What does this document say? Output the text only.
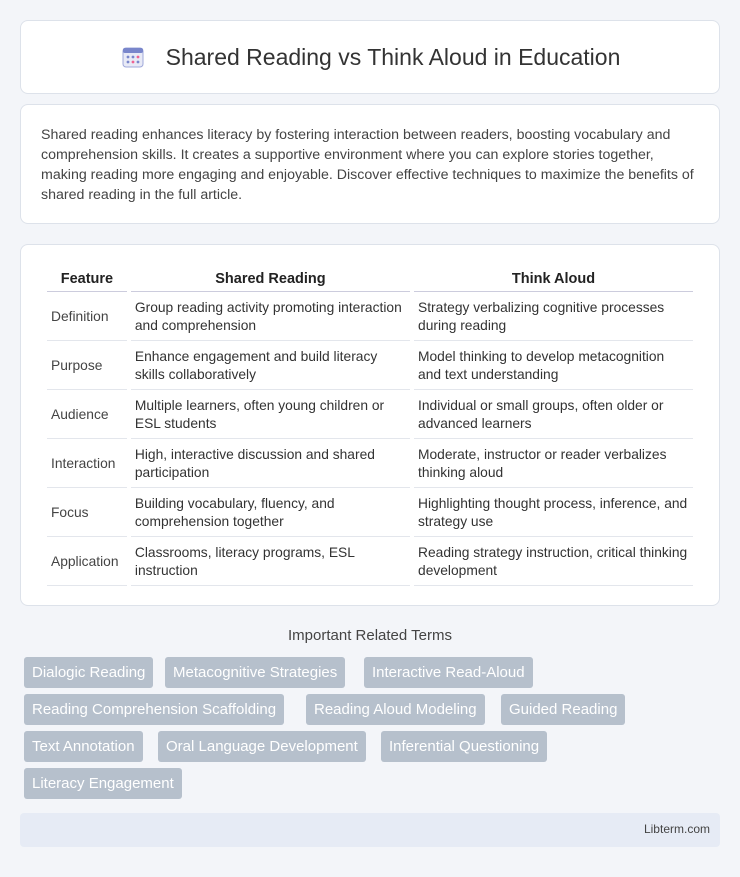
Shared Reading vs Think Aloud in Education

Shared reading enhances literacy by fostering interaction between readers, boosting vocabulary and comprehension skills. It creates a supportive environment where you can explore stories together, making reading more engaging and enjoyable. Discover effective techniques to maximize the benefits of shared reading in the full article.

Feature	Shared Reading	Think Aloud
Definition	Group reading activity promoting interaction and comprehension	Strategy verbalizing cognitive processes during reading
Purpose	Enhance engagement and build literacy skills collaboratively	Model thinking to develop metacognition and text understanding
Audience	Multiple learners, often young children or ESL students	Individual or small groups, often older or advanced learners
Interaction	High, interactive discussion and shared participation	Moderate, instructor or reader verbalizes thinking aloud
Focus	Building vocabulary, fluency, and comprehension together	Highlighting thought process, inference, and strategy use
Application	Classrooms, literacy programs, ESL instruction	Reading strategy instruction, critical thinking development
Important Related Terms
Dialogic Reading	Metacognitive Strategies	Interactive Read-Aloud
Reading Comprehension Scaffolding	Reading Aloud Modeling	Guided Reading
Text Annotation	Oral Language Development	Inferential Questioning
Literacy Engagement
Libterm.com
